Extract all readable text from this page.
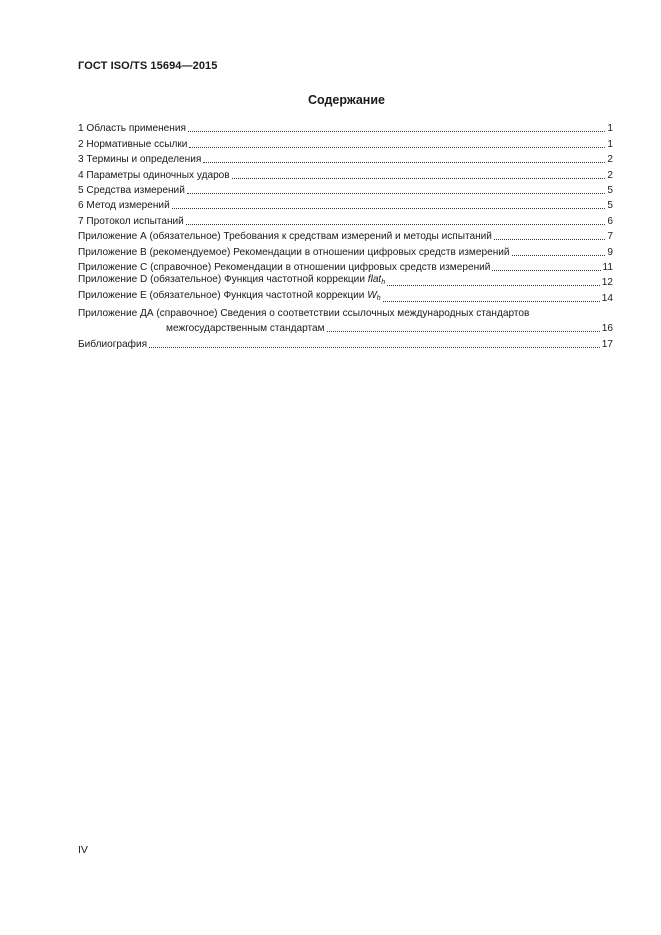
ГОСТ ISO/TS 15694—2015
Содержание
1 Область применения	1
2 Нормативные ссылки	1
3 Термины и определения	2
4 Параметры одиночных ударов	2
5 Средства измерений	5
6 Метод измерений	5
7 Протокол испытаний	6
Приложение А (обязательное) Требования к средствам измерений и методы испытаний	7
Приложение В (рекомендуемое) Рекомендации в отношении цифровых средств измерений	9
Приложение С (справочное) Рекомендации в отношении цифровых средств измерений	11
Приложение D (обязательное) Функция частотной коррекции flat$_h$	12
Приложение Е (обязательное) Функция частотной коррекции $W_h$	14
Приложение ДА (справочное) Сведения о соответствии ссылочных международных стандартов
межгосударственным стандартам	16
Библиография	17
IV
